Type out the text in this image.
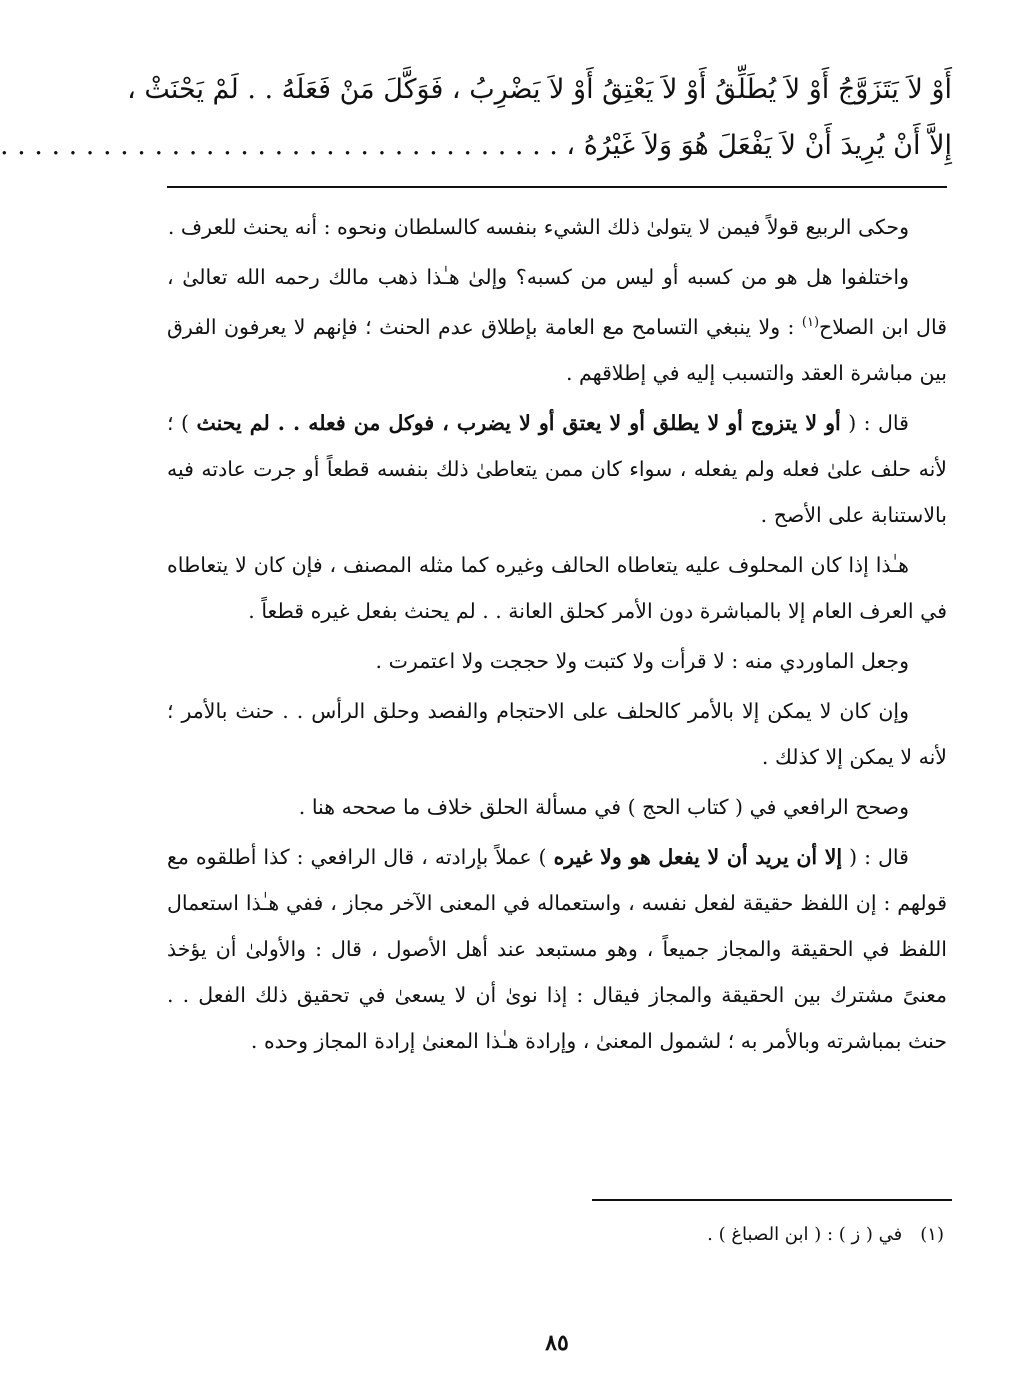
أَوْ لاَ يَتَزَوَّجُ أَوْ لاَ يُطَلِّقُ أَوْ لاَ يَعْتِقُ أَوْ لاَ يَضْرِبُ ، فَوَكَّلَ مَنْ فَعَلَهُ . . لَمْ يَحْنَثْ ،
إِلاَّ أَنْ يُرِيدَ أَنْ لاَ يَفْعَلَ هُوَ وَلاَ غَيْرُهُ ، . . . . . . . . . . . . . . . . . . . . . . . . . . . . . . . . .

وحكى الربيع قولاً فيمن لا يتولىٰ ذلك الشيء بنفسه كالسلطان ونحوه : أنه يحنث للعرف .

واختلفوا هل هو من كسبه أو ليس من كسبه؟ وإلىٰ هـٰذا ذهب مالك رحمه الله تعالىٰ ، قال ابن الصلاح$^{(١)}$ : ولا ينبغي التسامح مع العامة بإطلاق عدم الحنث ؛ فإنهم لا يعرفون الفرق بين مباشرة العقد والتسبب إليه في إطلاقهم .

قال : ( أو لا يتزوج أو لا يطلق أو لا يعتق أو لا يضرب ، فوكل من فعله . . لم يحنث ) ؛ لأنه حلف علىٰ فعله ولم يفعله ، سواء كان ممن يتعاطىٰ ذلك بنفسه قطعاً أو جرت عادته فيه بالاستنابة على الأصح .

هـٰذا إذا كان المحلوف عليه يتعاطاه الحالف وغيره كما مثله المصنف ، فإن كان لا يتعاطاه في العرف العام إلا بالمباشرة دون الأمر كحلق العانة . . لم يحنث بفعل غيره قطعاً .

وجعل الماوردي منه : لا قرأت ولا كتبت ولا حججت ولا اعتمرت .

وإن كان لا يمكن إلا بالأمر كالحلف على الاحتجام والفصد وحلق الرأس . . حنث بالأمر ؛ لأنه لا يمكن إلا كذلك .

وصحح الرافعي في ( كتاب الحج ) في مسألة الحلق خلاف ما صححه هنا .

قال : ( إلا أن يريد أن لا يفعل هو ولا غيره ) عملاً بإرادته ، قال الرافعي : كذا أطلقوه مع قولهم : إن اللفظ حقيقة لفعل نفسه ، واستعماله في المعنى الآخر مجاز ، ففي هـٰذا استعمال اللفظ في الحقيقة والمجاز جميعاً ، وهو مستبعد عند أهل الأصول ، قال : والأولىٰ أن يؤخذ معنىً مشترك بين الحقيقة والمجاز فيقال : إذا نوىٰ أن لا يسعىٰ في تحقيق ذلك الفعل . . حنث بمباشرته وبالأمر به ؛ لشمول المعنىٰ ، وإرادة هـٰذا المعنىٰ إرادة المجاز وحده .

(١)في ( ز ) : ( ابن الصباغ ) .

٨٥
